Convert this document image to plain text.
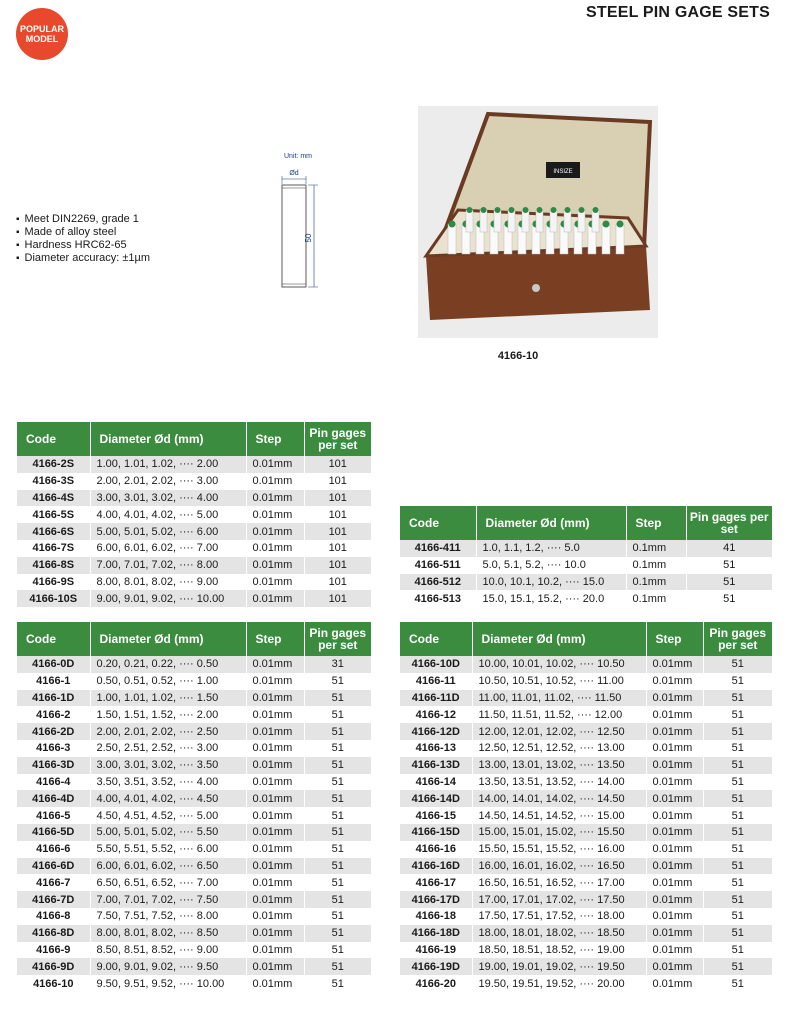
POPULAR
MODEL
STEEL PIN GAGE SETS
▪ Meet DIN2269, grade 1
▪ Made of alloy steel
▪ Hardness HRC62-65
▪ Diameter accuracy: ±1µm
Unit: mm
Ød
50
INSIZE
4166-10
Code	Diameter Ød (mm)	Step	Pin gages per set
4166-2S	1.00, 1.01, 1.02, ···· 2.00	0.01mm	101
4166-3S	2.00, 2.01, 2.02, ···· 3.00	0.01mm	101
4166-4S	3.00, 3.01, 3.02, ···· 4.00	0.01mm	101
4166-5S	4.00, 4.01, 4.02, ···· 5.00	0.01mm	101
4166-6S	5.00, 5.01, 5.02, ···· 6.00	0.01mm	101
4166-7S	6.00, 6.01, 6.02, ···· 7.00	0.01mm	101
4166-8S	7.00, 7.01, 7.02, ···· 8.00	0.01mm	101
4166-9S	8.00, 8.01, 8.02, ···· 9.00	0.01mm	101
4166-10S	9.00, 9.01, 9.02, ···· 10.00	0.01mm	101
Code	Diameter Ød (mm)	Step	Pin gages per set
4166-411	1.0, 1.1, 1.2, ···· 5.0	0.1mm	41
4166-511	5.0, 5.1, 5.2, ···· 10.0	0.1mm	51
4166-512	10.0, 10.1, 10.2, ···· 15.0	0.1mm	51
4166-513	15.0, 15.1, 15.2, ···· 20.0	0.1mm	51
Code	Diameter Ød (mm)	Step	Pin gages per set
4166-0D	0.20, 0.21, 0.22, ···· 0.50	0.01mm	31
4166-1	0.50, 0.51, 0.52, ···· 1.00	0.01mm	51
4166-1D	1.00, 1.01, 1.02, ···· 1.50	0.01mm	51
4166-2	1.50, 1.51, 1.52, ···· 2.00	0.01mm	51
4166-2D	2.00, 2.01, 2.02, ···· 2.50	0.01mm	51
4166-3	2.50, 2.51, 2.52, ···· 3.00	0.01mm	51
4166-3D	3.00, 3.01, 3.02, ···· 3.50	0.01mm	51
4166-4	3.50, 3.51, 3.52, ···· 4.00	0.01mm	51
4166-4D	4.00, 4.01, 4.02, ···· 4.50	0.01mm	51
4166-5	4.50, 4.51, 4.52, ···· 5.00	0.01mm	51
4166-5D	5.00, 5.01, 5.02, ···· 5.50	0.01mm	51
4166-6	5.50, 5.51, 5.52, ···· 6.00	0.01mm	51
4166-6D	6.00, 6.01, 6.02, ···· 6.50	0.01mm	51
4166-7	6.50, 6.51, 6.52, ···· 7.00	0.01mm	51
4166-7D	7.00, 7.01, 7.02, ···· 7.50	0.01mm	51
4166-8	7.50, 7.51, 7.52, ···· 8.00	0.01mm	51
4166-8D	8.00, 8.01, 8.02, ···· 8.50	0.01mm	51
4166-9	8.50, 8.51, 8.52, ···· 9.00	0.01mm	51
4166-9D	9.00, 9.01, 9.02, ···· 9.50	0.01mm	51
4166-10	9.50, 9.51, 9.52, ···· 10.00	0.01mm	51
Code	Diameter Ød (mm)	Step	Pin gages per set
4166-10D	10.00, 10.01, 10.02, ···· 10.50	0.01mm	51
4166-11	10.50, 10.51, 10.52, ···· 11.00	0.01mm	51
4166-11D	11.00, 11.01, 11.02, ···· 11.50	0.01mm	51
4166-12	11.50, 11.51, 11.52, ···· 12.00	0.01mm	51
4166-12D	12.00, 12.01, 12.02, ···· 12.50	0.01mm	51
4166-13	12.50, 12.51, 12.52, ···· 13.00	0.01mm	51
4166-13D	13.00, 13.01, 13.02, ···· 13.50	0.01mm	51
4166-14	13.50, 13.51, 13.52, ···· 14.00	0.01mm	51
4166-14D	14.00, 14.01, 14.02, ···· 14.50	0.01mm	51
4166-15	14.50, 14.51, 14.52, ···· 15.00	0.01mm	51
4166-15D	15.00, 15.01, 15.02, ···· 15.50	0.01mm	51
4166-16	15.50, 15.51, 15.52, ···· 16.00	0.01mm	51
4166-16D	16.00, 16.01, 16.02, ···· 16.50	0.01mm	51
4166-17	16.50, 16.51, 16.52, ···· 17.00	0.01mm	51
4166-17D	17.00, 17.01, 17.02, ···· 17.50	0.01mm	51
4166-18	17.50, 17.51, 17.52, ···· 18.00	0.01mm	51
4166-18D	18.00, 18.01, 18.02, ···· 18.50	0.01mm	51
4166-19	18.50, 18.51, 18.52, ···· 19.00	0.01mm	51
4166-19D	19.00, 19.01, 19.02, ···· 19.50	0.01mm	51
4166-20	19.50, 19.51, 19.52, ···· 20.00	0.01mm	51
